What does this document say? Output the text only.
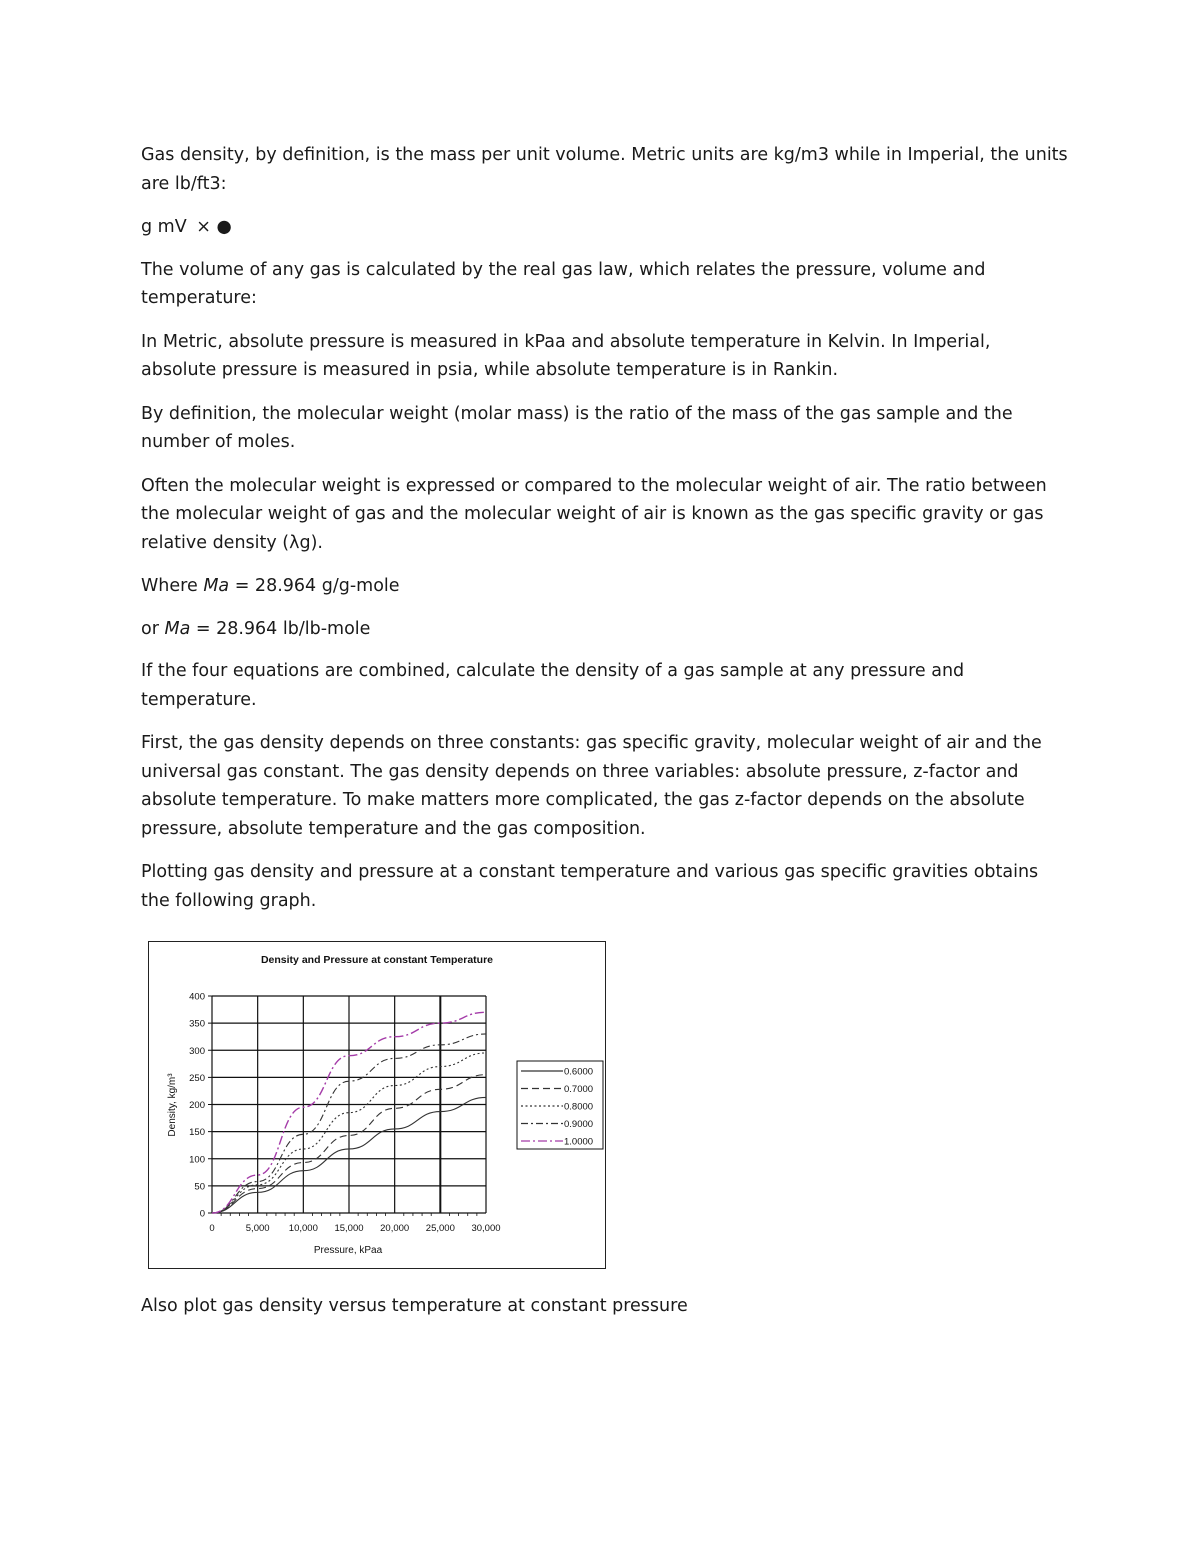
Gas density, by definition, is the mass per unit volume. Metric units are kg/m3 while in Imperial, the units are lb/ft3:

g mV ⨯ ●

The volume of any gas is calculated by the real gas law, which relates the pressure, volume and temperature:

In Metric, absolute pressure is measured in kPaa and absolute temperature in Kelvin. In Imperial, absolute pressure is measured in psia, while absolute temperature is in Rankin.

By definition, the molecular weight (molar mass) is the ratio of the mass of the gas sample and the number of moles.

Often the molecular weight is expressed or compared to the molecular weight of air. The ratio between the molecular weight of gas and the molecular weight of air is known as the gas specific gravity or gas relative density (λg).

Where Ma = 28.964 g/g-mole

or Ma = 28.964 lb/lb-mole

If the four equations are combined, calculate the density of a gas sample at any pressure and temperature.

First, the gas density depends on three constants: gas specific gravity, molecular weight of air and the universal gas constant. The gas density depends on three variables: absolute pressure, z-factor and absolute temperature. To make matters more complicated, the gas z-factor depends on the absolute pressure, absolute temperature and the gas composition.

Plotting gas density and pressure at a constant temperature and various gas specific gravities obtains the following graph.

Density and Pressure at constant Temperature
0	5,000 10,000 15,000 20,000 25,000 30,000
0
50
100
150
200
250
300
350
400
Pressure, kPaa
Density, kg/m³
0.6000
0.7000
0.8000
0.9000
1.0000

Also plot gas density versus temperature at constant pressure
